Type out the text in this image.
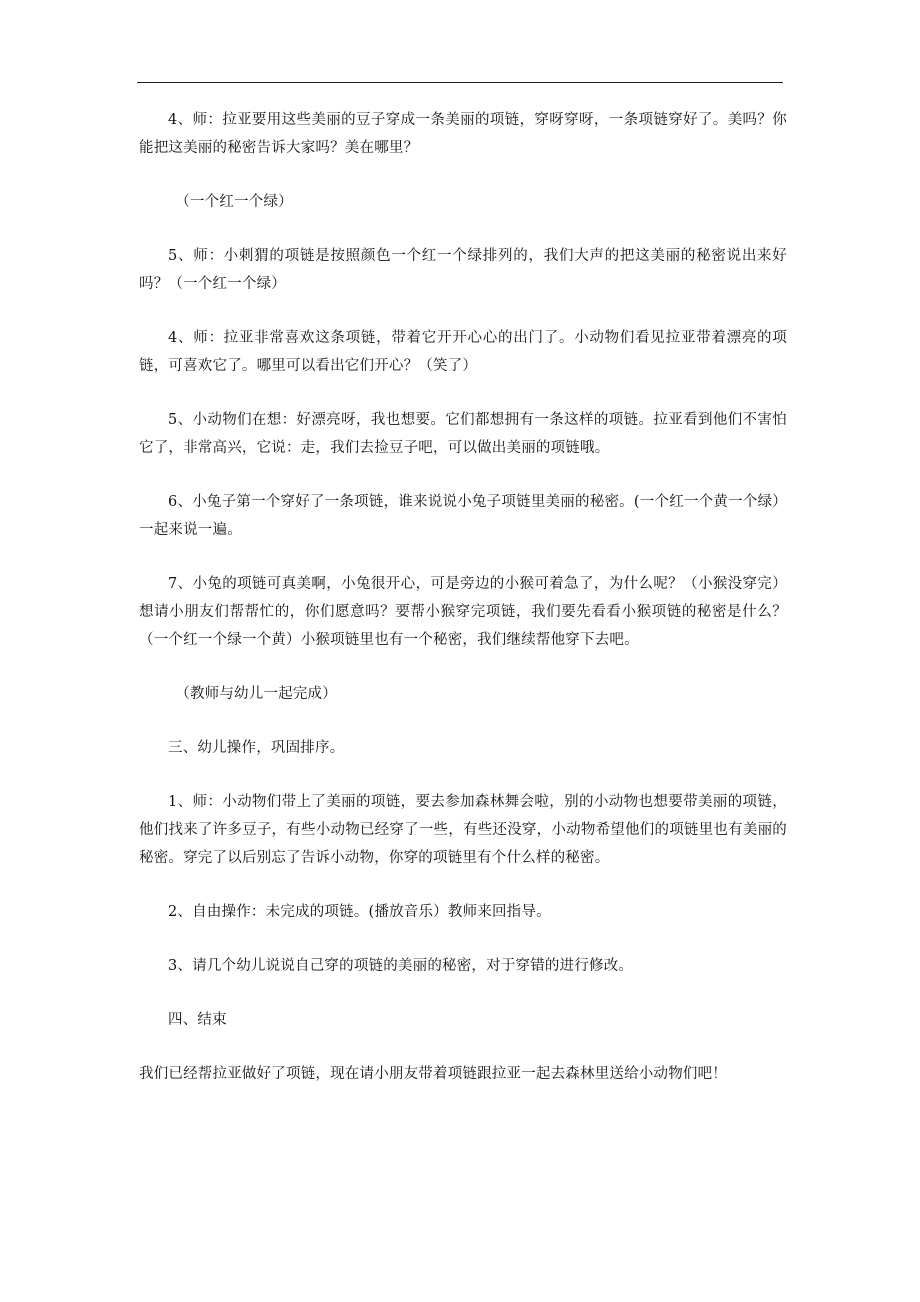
4、师：拉亚要用这些美丽的豆子穿成一条美丽的项链，穿呀穿呀，一条项链穿好了。美吗？你能把这美丽的秘密告诉大家吗？美在哪里？

（一个红一个绿）

5、师：小刺猬的项链是按照颜色一个红一个绿排列的，我们大声的把这美丽的秘密说出来好吗？（一个红一个绿）

4、师：拉亚非常喜欢这条项链，带着它开开心心的出门了。小动物们看见拉亚带着漂亮的项链，可喜欢它了。哪里可以看出它们开心？（笑了）

5、小动物们在想：好漂亮呀，我也想要。它们都想拥有一条这样的项链。拉亚看到他们不害怕它了，非常高兴，它说：走，我们去捡豆子吧，可以做出美丽的项链哦。

6、小兔子第一个穿好了一条项链，谁来说说小兔子项链里美丽的秘密。(一个红一个黄一个绿）一起来说一遍。

7、小兔的项链可真美啊，小兔很开心，可是旁边的小猴可着急了，为什么呢？（小猴没穿完）想请小朋友们帮帮忙的，你们愿意吗？要帮小猴穿完项链，我们要先看看小猴项链的秘密是什么？（一个红一个绿一个黄）小猴项链里也有一个秘密，我们继续帮他穿下去吧。

（教师与幼儿一起完成）

三、幼儿操作，巩固排序。

1、师：小动物们带上了美丽的项链，要去参加森林舞会啦，别的小动物也想要带美丽的项链，他们找来了许多豆子，有些小动物已经穿了一些，有些还没穿，小动物希望他们的项链里也有美丽的秘密。穿完了以后别忘了告诉小动物，你穿的项链里有个什么样的秘密。

2、自由操作：未完成的项链。(播放音乐）教师来回指导。

3、请几个幼儿说说自己穿的项链的美丽的秘密，对于穿错的进行修改。

四、结束

我们已经帮拉亚做好了项链，现在请小朋友带着项链跟拉亚一起去森林里送给小动物们吧！
